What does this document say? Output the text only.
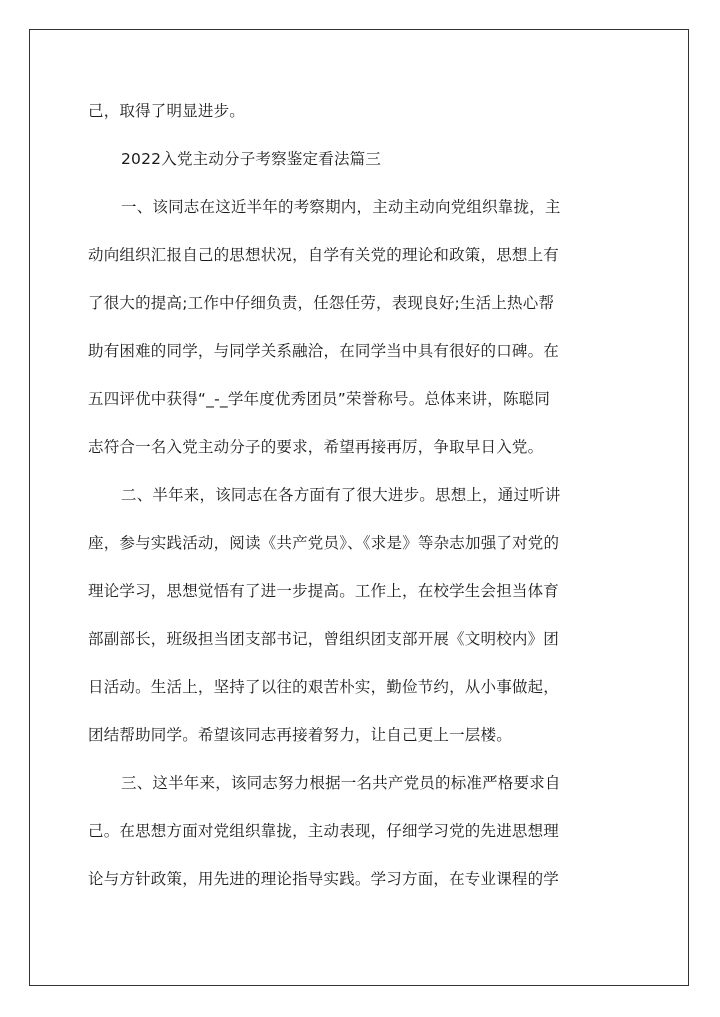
己，取得了明显进步。
2022入党主动分子考察鉴定看法篇三
一、该同志在这近半年的考察期内，主动主动向党组织靠拢，主
动向组织汇报自己的思想状况，自学有关党的理论和政策，思想上有
了很大的提高;工作中仔细负责，任怨任劳，表现良好;生活上热心帮
助有困难的同学，与同学关系融洽，在同学当中具有很好的口碑。在
五四评优中获得“_-_学年度优秀团员”荣誉称号。总体来讲，陈聪同
志符合一名入党主动分子的要求，希望再接再厉，争取早日入党。
二、半年来，该同志在各方面有了很大进步。思想上，通过听讲
座，参与实践活动，阅读《共产党员》、《求是》等杂志加强了对党的
理论学习，思想觉悟有了进一步提高。工作上，在校学生会担当体育
部副部长，班级担当团支部书记，曾组织团支部开展《文明校内》团
日活动。生活上，坚持了以往的艰苦朴实，勤俭节约，从小事做起，
团结帮助同学。希望该同志再接着努力，让自己更上一层楼。
三、这半年来，该同志努力根据一名共产党员的标准严格要求自
己。在思想方面对党组织靠拢，主动表现，仔细学习党的先进思想理
论与方针政策，用先进的理论指导实践。学习方面，在专业课程的学
